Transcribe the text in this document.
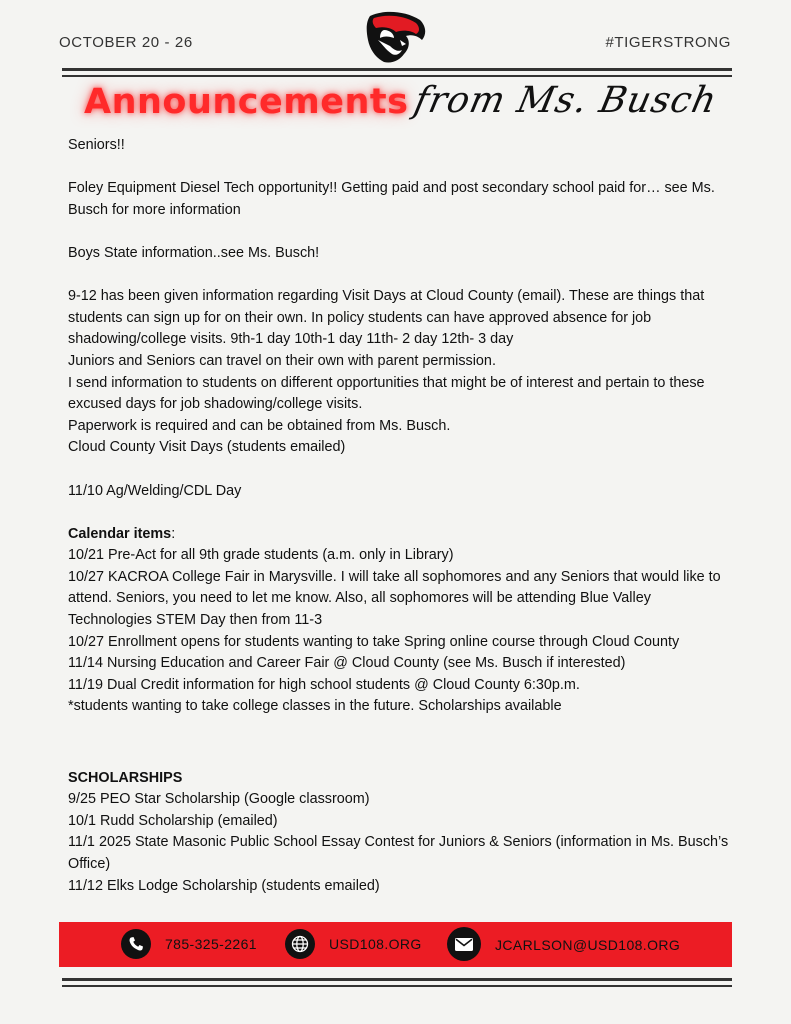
OCTOBER 20 - 26	#TIGERSTRONG
Announcements from Ms. Busch

Seniors!!

Foley Equipment Diesel Tech opportunity!! Getting paid and post secondary school paid for… see Ms. Busch for more information

Boys State information..see Ms. Busch!

9-12 has been given information regarding Visit Days at Cloud County (email). These are things that students can sign up for on their own. In policy students can have approved absence for job shadowing/college visits. 9th-1 day 10th-1 day 11th- 2 day 12th- 3 day

Juniors and Seniors can travel on their own with parent permission.

I send information to students on different opportunities that might be of interest and pertain to these excused days for job shadowing/college visits.

Paperwork is required and can be obtained from Ms. Busch.

Cloud County Visit Days (students emailed)

11/10 Ag/Welding/CDL Day

Calendar items:

10/21 Pre-Act for all 9th grade students (a.m. only in Library)

10/27 KACROA College Fair in Marysville. I will take all sophomores and any Seniors that would like to attend. Seniors, you need to let me know. Also, all sophomores will be attending Blue Valley Technologies STEM Day then from 11-3

10/27 Enrollment opens for students wanting to take Spring online course through Cloud County

11/14 Nursing Education and Career Fair @ Cloud County (see Ms. Busch if interested)

11/19 Dual Credit information for high school students @ Cloud County 6:30p.m.

*students wanting to take college classes in the future. Scholarships available

SCHOLARSHIPS

9/25 PEO Star Scholarship (Google classroom)

10/1 Rudd Scholarship (emailed)

11/1 2025 State Masonic Public School Essay Contest for Juniors & Seniors (information in Ms. Busch’s Office)

11/12 Elks Lodge Scholarship (students emailed)

785-325-2261	USD108.ORG	JCARLSON@USD108.ORG
